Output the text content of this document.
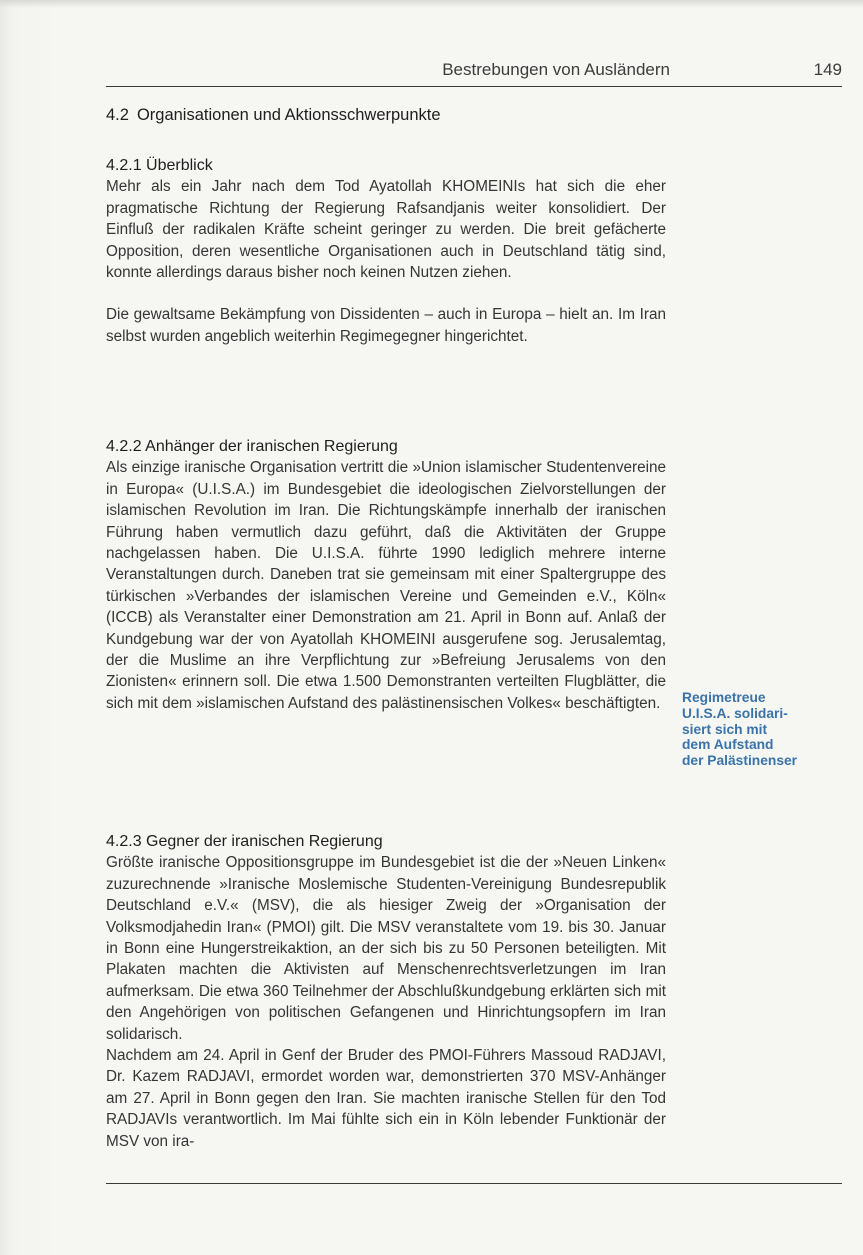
Bestrebungen von Ausländern	149
4.2 Organisationen und Aktionsschwerpunkte
4.2.1 Überblick

Mehr als ein Jahr nach dem Tod Ayatollah KHOMEINIs hat sich die eher pragmatische Richtung der Regierung Rafsandjanis weiter konsolidiert. Der Einfluß der radikalen Kräfte scheint geringer zu werden. Die breit gefächerte Opposition, deren wesentliche Organisationen auch in Deutschland tätig sind, konnte allerdings daraus bisher noch keinen Nutzen ziehen.

Die gewaltsame Bekämpfung von Dissidenten – auch in Europa – hielt an. Im Iran selbst wurden angeblich weiterhin Regimegegner hingerichtet.

4.2.2 Anhänger der iranischen Regierung

Als einzige iranische Organisation vertritt die »Union islamischer Studentenvereine in Europa« (U.I.S.A.) im Bundesgebiet die ideologischen Zielvorstellungen der islamischen Revolution im Iran. Die Richtungskämpfe innerhalb der iranischen Führung haben vermutlich dazu geführt, daß die Aktivitäten der Gruppe nachgelassen haben. Die U.I.S.A. führte 1990 lediglich mehrere interne Veranstaltungen durch. Daneben trat sie gemeinsam mit einer Spaltergruppe des türkischen »Verbandes der islamischen Vereine und Gemeinden e.V., Köln« (ICCB) als Veranstalter einer Demonstration am 21. April in Bonn auf. Anlaß der Kundgebung war der von Ayatollah KHOMEINI ausgerufene sog. Jerusalemtag, der die Muslime an ihre Verpflichtung zur »Befreiung Jerusalems von den Zionisten« erinnern soll. Die etwa 1.500 Demonstranten verteilten Flugblätter, die sich mit dem »islamischen Aufstand des palästinensischen Volkes« beschäftigten.	Regimetreue
U.I.S.A. solidari-
siert sich mit
dem Aufstand
der Palästinenser
4.2.3 Gegner der iranischen Regierung

Größte iranische Oppositionsgruppe im Bundesgebiet ist die der »Neuen Linken« zuzurechnende »Iranische Moslemische Studenten-Vereinigung Bundesrepublik Deutschland e.V.« (MSV), die als hiesiger Zweig der »Organisation der Volksmodjahedin Iran« (PMOI) gilt. Die MSV veranstaltete vom 19. bis 30. Januar in Bonn eine Hungerstreikaktion, an der sich bis zu 50 Personen beteiligten. Mit Plakaten machten die Aktivisten auf Menschenrechtsverletzungen im Iran aufmerksam. Die etwa 360 Teilnehmer der Abschlußkundgebung erklärten sich mit den Angehörigen von politischen Gefangenen und Hinrichtungsopfern im Iran solidarisch.

Nachdem am 24. April in Genf der Bruder des PMOI-Führers Massoud RADJAVI, Dr. Kazem RADJAVI, ermordet worden war, demonstrierten 370 MSV-Anhänger am 27. April in Bonn gegen den Iran. Sie machten iranische Stellen für den Tod RADJAVIs verantwortlich. Im Mai fühlte sich ein in Köln lebender Funktionär der MSV von ira-
